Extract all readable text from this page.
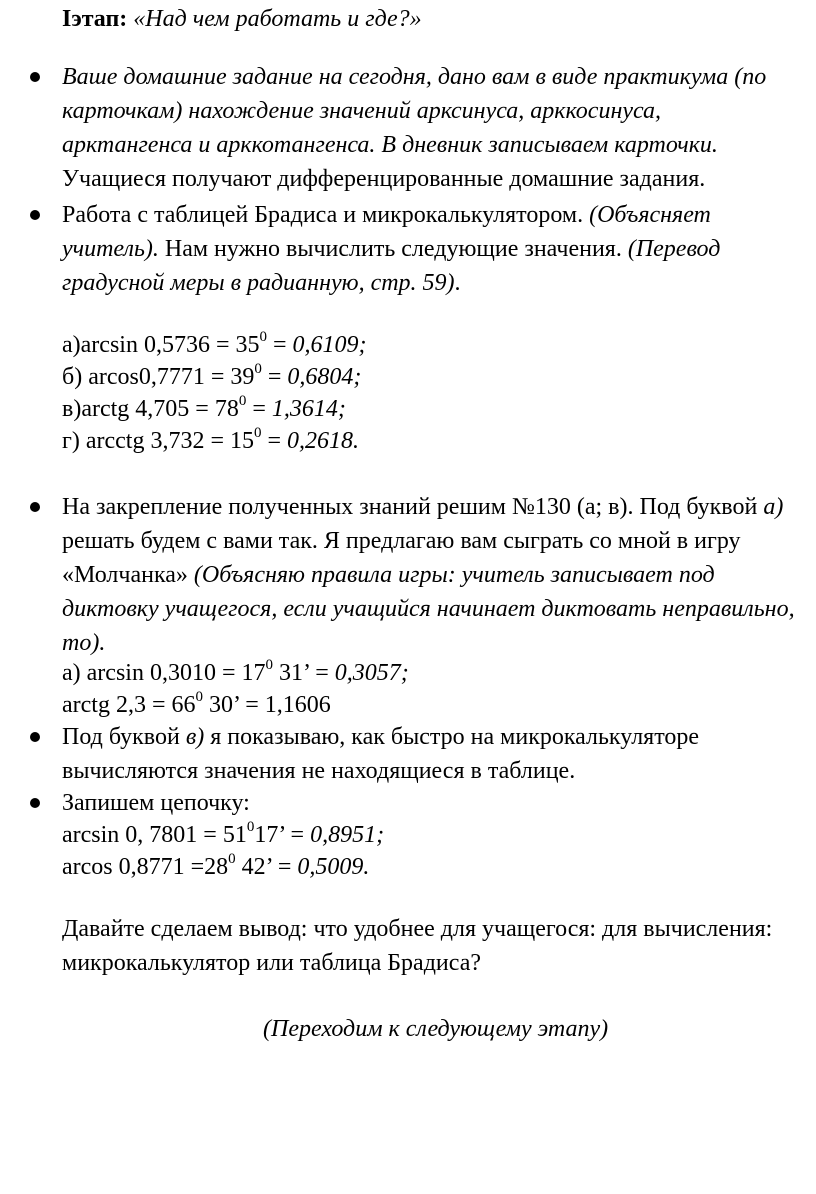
Iэтап: «Над чем работать и где?»
Ваше домашние задание на сегодня, дано вам в виде практикума (по
карточкам) нахождение значений арксинуса, арккосинуса,
арктангенса и арккотангенса. В дневник записываем карточки.
Учащиеся получают дифференцированные домашние задания.
Работа с таблицей Брадиса и микрокалькулятором. (Объясняет
учитель). Нам нужно вычислить следующие значения. (Перевод
градусной меры в радианную, стр. 59).
а)arcsin $0,5736 = 35^0 = 0,6109$;
б) $arcos0,7771 = 39^0 = 0,6804$;
в)arctg $4,705 = 78^0 = 1,3614$;
г) arcctg $3,732 = 15^0 = 0,2618$.
На закрепление полученных знаний решим №130 (а; в). Под буквой а)
решать будем с вами так. Я предлагаю вам сыграть со мной в игру
«Молчанка» (Объясняю правила игры: учитель записывает под
диктовку учащегося, если учащийся начинает диктовать неправильно,
то).
а) $\arcsin 0,3010 = 17^0$ 31’ = 0,3057;
arctg $2,3 = 66^0$ 30’ = 1,1606
Под буквой в) я показываю, как быстро на микрокалькуляторе
вычисляются значения не находящиеся в таблице.
Запишем цепочку:
arcsin 0, $7801 = 51^017$’ = 0,8951;
arcos $0,8771 =28^0$ 42’ = 0,5009.
Давайте сделаем вывод: что удобнее для учащегося: для вычисления:
микрокалькулятор или таблица Брадиса?
(Переходим к следующему этапу)
